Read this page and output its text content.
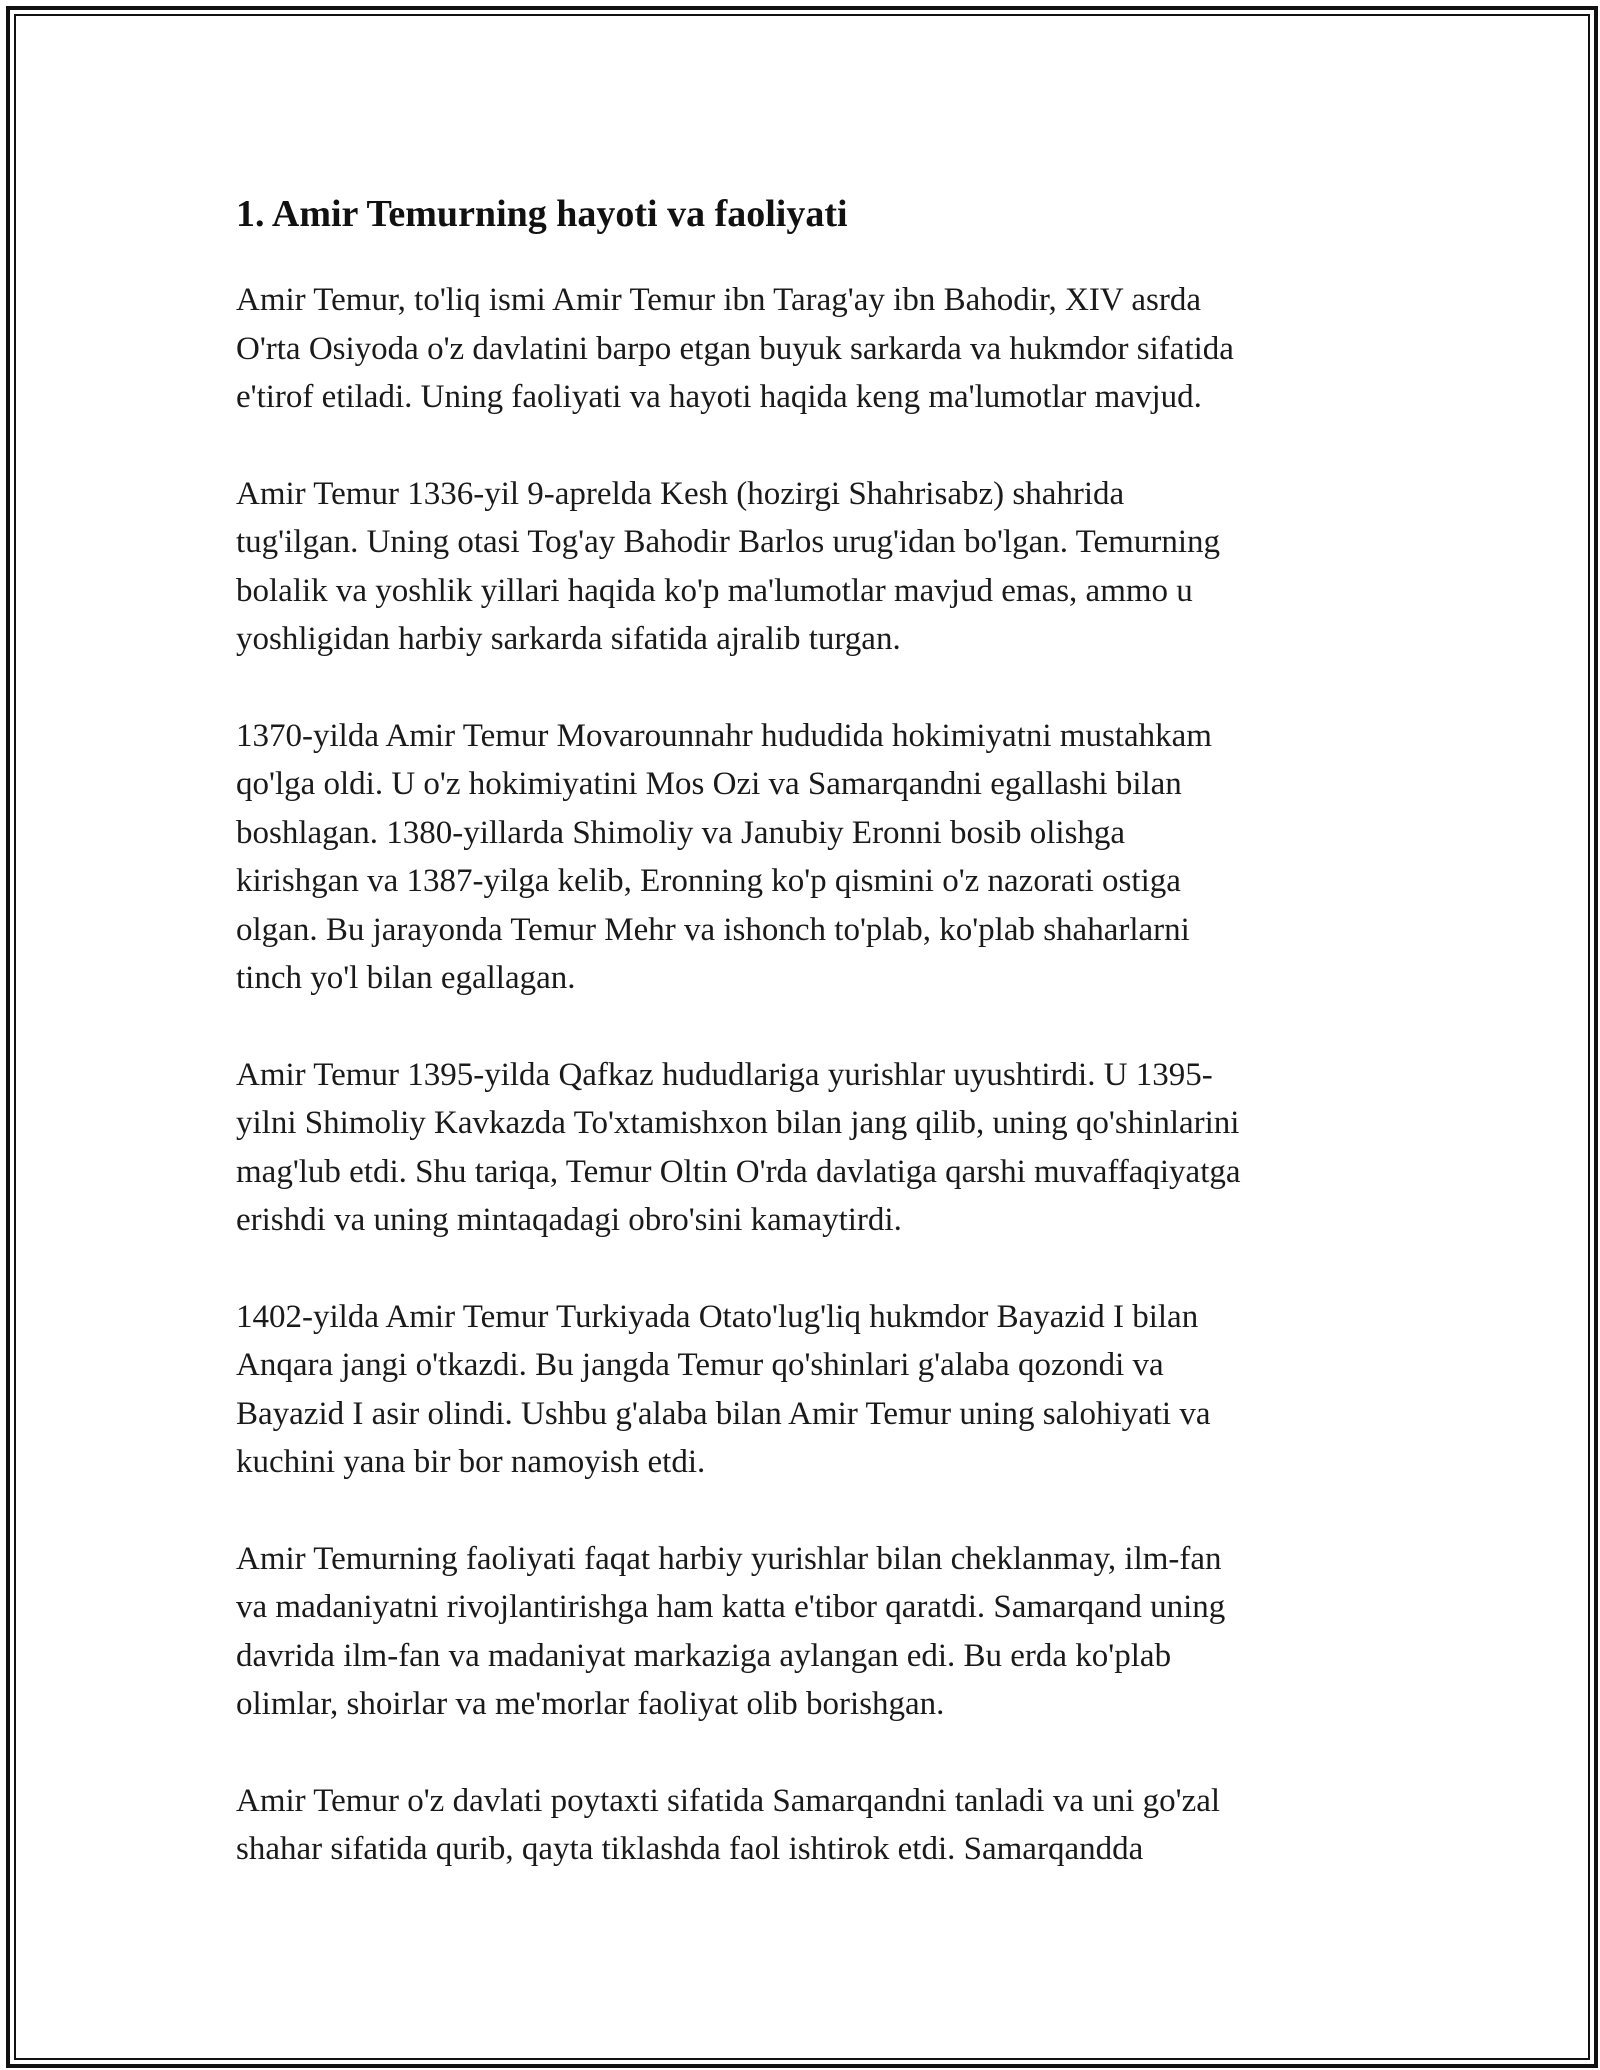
1. Amir Temurning hayoti va faoliyati

Amir Temur, to'liq ismi Amir Temur ibn Tarag'ay ibn Bahodir, XIV asrda
O'rta Osiyoda o'z davlatini barpo etgan buyuk sarkarda va hukmdor sifatida
e'tirof etiladi. Uning faoliyati va hayoti haqida keng ma'lumotlar mavjud.

Amir Temur 1336-yil 9-aprelda Kesh (hozirgi Shahrisabz) shahrida
tug'ilgan. Uning otasi Tog'ay Bahodir Barlos urug'idan bo'lgan. Temurning
bolalik va yoshlik yillari haqida ko'p ma'lumotlar mavjud emas, ammo u
yoshligidan harbiy sarkarda sifatida ajralib turgan.

1370-yilda Amir Temur Movarounnahr hududida hokimiyatni mustahkam
qo'lga oldi. U o'z hokimiyatini Mos Ozi va Samarqandni egallashi bilan
boshlagan. 1380-yillarda Shimoliy va Janubiy Eronni bosib olishga
kirishgan va 1387-yilga kelib, Eronning ko'p qismini o'z nazorati ostiga
olgan. Bu jarayonda Temur Mehr va ishonch to'plab, ko'plab shaharlarni
tinch yo'l bilan egallagan.

Amir Temur 1395-yilda Qafkaz hududlariga yurishlar uyushtirdi. U 1395-
yilni Shimoliy Kavkazda To'xtamishxon bilan jang qilib, uning qo'shinlarini
mag'lub etdi. Shu tariqa, Temur Oltin O'rda davlatiga qarshi muvaffaqiyatga
erishdi va uning mintaqadagi obro'sini kamaytirdi.

1402-yilda Amir Temur Turkiyada Otato'lug'liq hukmdor Bayazid I bilan
Anqara jangi o'tkazdi. Bu jangda Temur qo'shinlari g'alaba qozondi va
Bayazid I asir olindi. Ushbu g'alaba bilan Amir Temur uning salohiyati va
kuchini yana bir bor namoyish etdi.

Amir Temurning faoliyati faqat harbiy yurishlar bilan cheklanmay, ilm-fan
va madaniyatni rivojlantirishga ham katta e'tibor qaratdi. Samarqand uning
davrida ilm-fan va madaniyat markaziga aylangan edi. Bu erda ko'plab
olimlar, shoirlar va me'morlar faoliyat olib borishgan.

Amir Temur o'z davlati poytaxti sifatida Samarqandni tanladi va uni go'zal
shahar sifatida qurib, qayta tiklashda faol ishtirok etdi. Samarqandda
